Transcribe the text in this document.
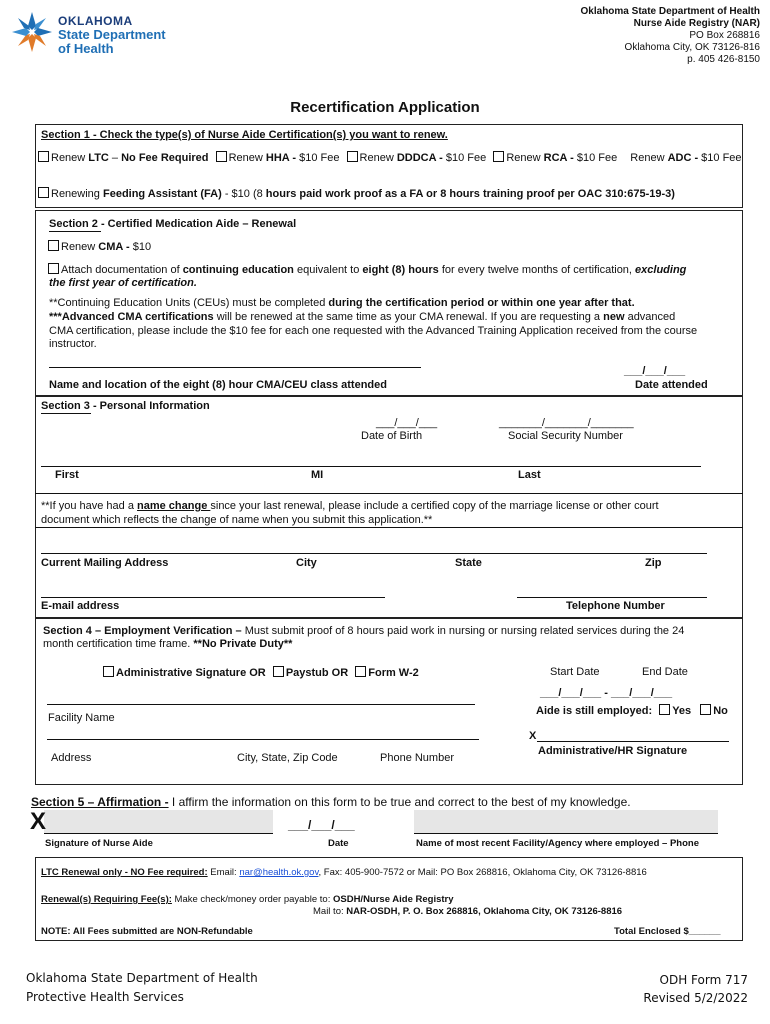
OKLAHOMA
State Department
of Health
Oklahoma State Department of Health
Nurse Aide Registry (NAR)
PO Box 268816
Oklahoma City, OK 73126-816
p. 405 426-8150
Recertification Application
Section 1 - Check the type(s) of Nurse Aide Certification(s) you want to renew.
Renew LTC – No Fee Required Renew HHA - $10 Fee Renew DDDCA - $10 Fee Renew RCA - $10 Fee Renew ADC - $10 Fee
Renewing Feeding Assistant (FA) - $10 (8 hours paid work proof as a FA or 8 hours training proof per OAC 310:675-19-3)
Section 2 - Certified Medication Aide – Renewal
Renew CMA - $10
Attach documentation of continuing education equivalent to eight (8) hours for every twelve months of certification, excluding
the first year of certification.
**Continuing Education Units (CEUs) must be completed during the certification period or within one year after that.
***Advanced CMA certifications will be renewed at the same time as your CMA renewal. If you are requesting a new advanced
CMA certification, please include the $10 fee for each one requested with the Advanced Training Application received from the course
instructor.
___/___/___
Name and location of the eight (8) hour CMA/CEU class attended	Date attended
Section 3 - Personal Information
___/___/___
Date of Birth
_______/_______/_______
Social Security Number
First	MI	Last
**If you have had a name change since your last renewal, please include a certified copy of the marriage license or other court
document which reflects the change of name when you submit this application.**
Current Mailing Address	City	State	Zip
E-mail address	Telephone Number
Section 4 – Employment Verification – Must submit proof of 8 hours paid work in nursing or nursing related services during the 24
month certification time frame. **No Private Duty**
Administrative Signature OR Paystub OR Form W-2	Start Date	End Date
___/___/___ - ___/___/___
Aide is still employed: Yes No
Facility Name
X
Administrative/HR Signature
Address	City, State, Zip Code	Phone Number
Section 5 – Affirmation - I affirm the information on this form to be true and correct to the best of my knowledge.
X	___/___/___
Signature of Nurse Aide	Date	Name of most recent Facility/Agency where employed – Phone
LTC Renewal only - NO Fee required: Email: nar@health.ok.gov, Fax: 405-900-7572 or Mail: PO Box 268816, Oklahoma City, OK 73126-8816
Renewal(s) Requiring Fee(s): Make check/money order payable to: OSDH/Nurse Aide Registry
Mail to: NAR-OSDH, P. O. Box 268816, Oklahoma City, OK 73126-8816
NOTE: All Fees submitted are NON-Refundable	Total Enclosed $______
Oklahoma State Department of Health
Protective Health Services
ODH Form 717
Revised 5/2/2022
